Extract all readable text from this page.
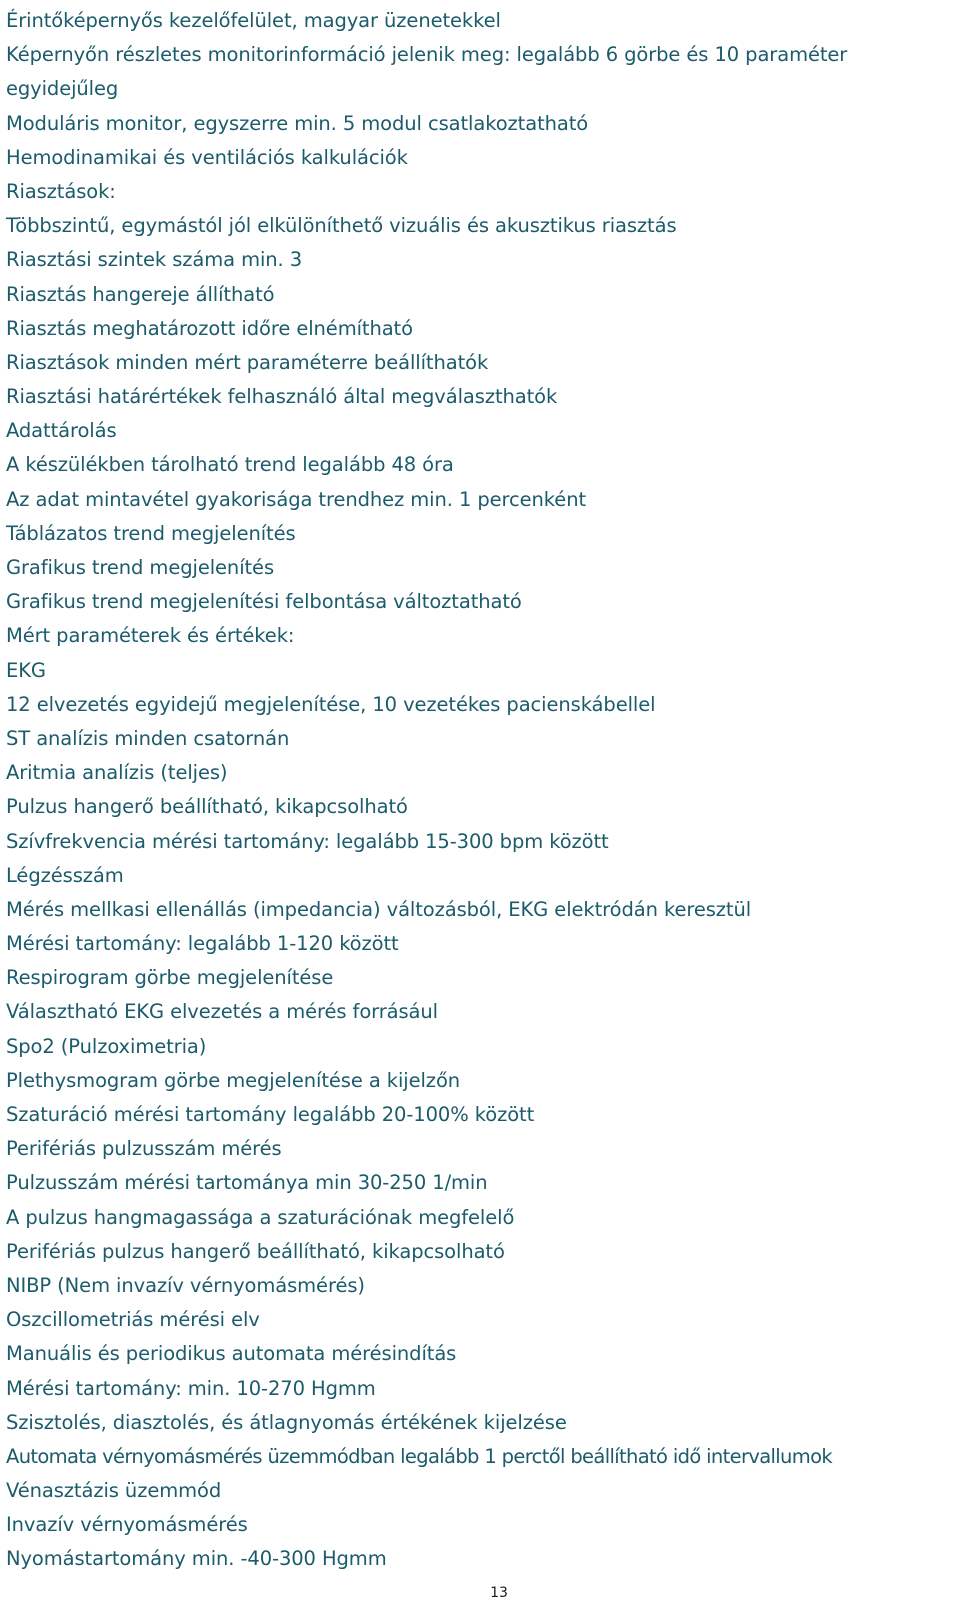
Érintőképernyős kezelőfelület, magyar üzenetekkel
Képernyőn részletes monitorinformáció jelenik meg: legalább 6 görbe és 10 paraméter
egyidejűleg
Moduláris monitor, egyszerre min. 5 modul csatlakoztatható
Hemodinamikai és ventilációs kalkulációk
Riasztások:
Többszintű, egymástól jól elkülöníthető vizuális és akusztikus riasztás
Riasztási szintek száma min. 3
Riasztás hangereje állítható
Riasztás meghatározott időre elnémítható
Riasztások minden mért paraméterre beállíthatók
Riasztási határértékek felhasználó által megválaszthatók
Adattárolás
A készülékben tárolható trend legalább 48 óra
Az adat mintavétel gyakorisága trendhez min. 1 percenként
Táblázatos trend megjelenítés
Grafikus trend megjelenítés
Grafikus trend megjelenítési felbontása változtatható
Mért paraméterek és értékek:
EKG
12 elvezetés egyidejű megjelenítése, 10 vezetékes pacienskábellel
ST analízis minden csatornán
Aritmia analízis (teljes)
Pulzus hangerő beállítható, kikapcsolható
Szívfrekvencia mérési tartomány: legalább 15-300 bpm között
Légzésszám
Mérés mellkasi ellenállás (impedancia) változásból, EKG elektródán keresztül
Mérési tartomány: legalább 1-120 között
Respirogram görbe megjelenítése
Választható EKG elvezetés a mérés forrásául
Spo2 (Pulzoximetria)
Plethysmogram görbe megjelenítése a kijelzőn
Szaturáció mérési tartomány legalább 20-100% között
Perifériás pulzusszám mérés
Pulzusszám mérési tartománya min 30-250 1/min
A pulzus hangmagassága a szaturációnak megfelelő
Perifériás pulzus hangerő beállítható, kikapcsolható
NIBP (Nem invazív vérnyomásmérés)
Oszcillometriás mérési elv
Manuális és periodikus automata mérésindítás
Mérési tartomány: min. 10-270 Hgmm
Szisztolés, diasztolés, és átlagnyomás értékének kijelzése
Automata vérnyomásmérés üzemmódban legalább 1 perctől beállítható idő intervallumok
Vénasztázis üzemmód
Invazív vérnyomásmérés
Nyomástartomány min. -40-300 Hgmm
13
